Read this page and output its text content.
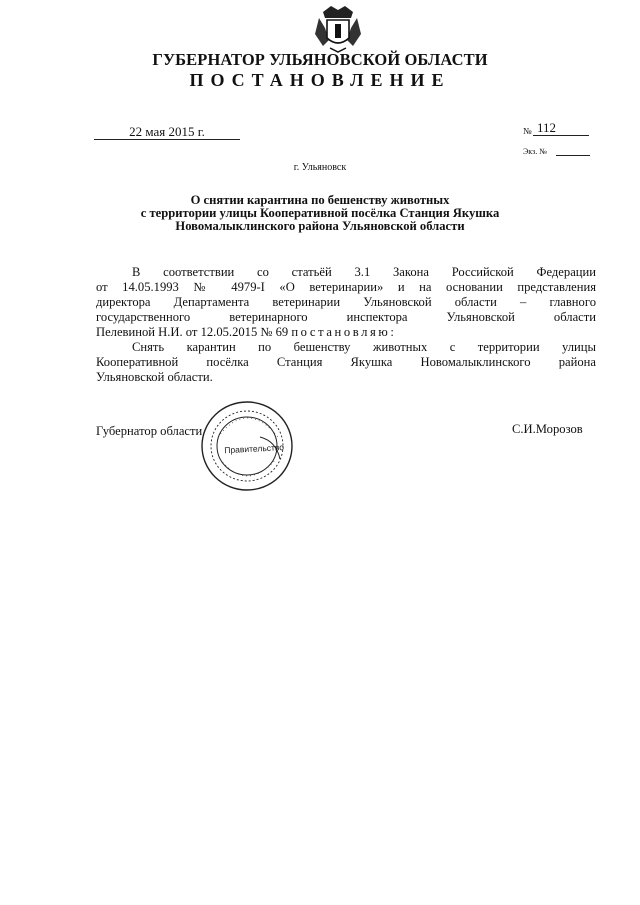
ГУБЕРНАТОР УЛЬЯНОВСКОЙ ОБЛАСТИ
ПОСТАНОВЛЕНИЕ
22 мая 2015 г.	№ 112
Экз. №
г. Ульяновск
О снятии карантина по бешенству животных
с территории улицы Кооперативной посёлка Станция Якушка
Новомалыклинского района Ульяновской области
В соответствии со статьёй 3.1 Закона Российской Федерации
от 14.05.1993 № 4979-I «О ветеринарии» и на основании представления
директора Департамента ветеринарии Ульяновской области – главного
государственного ветеринарного инспектора Ульяновской области
Пелевиной Н.И. от 12.05.2015 № 69 постановляю:
Снять карантин по бешенству животных с территории улицы
Кооперативной посёлка Станция Якушка Новомалыклинского района
Ульяновской области.
Губернатор области	С.И.Морозов
Правительство
